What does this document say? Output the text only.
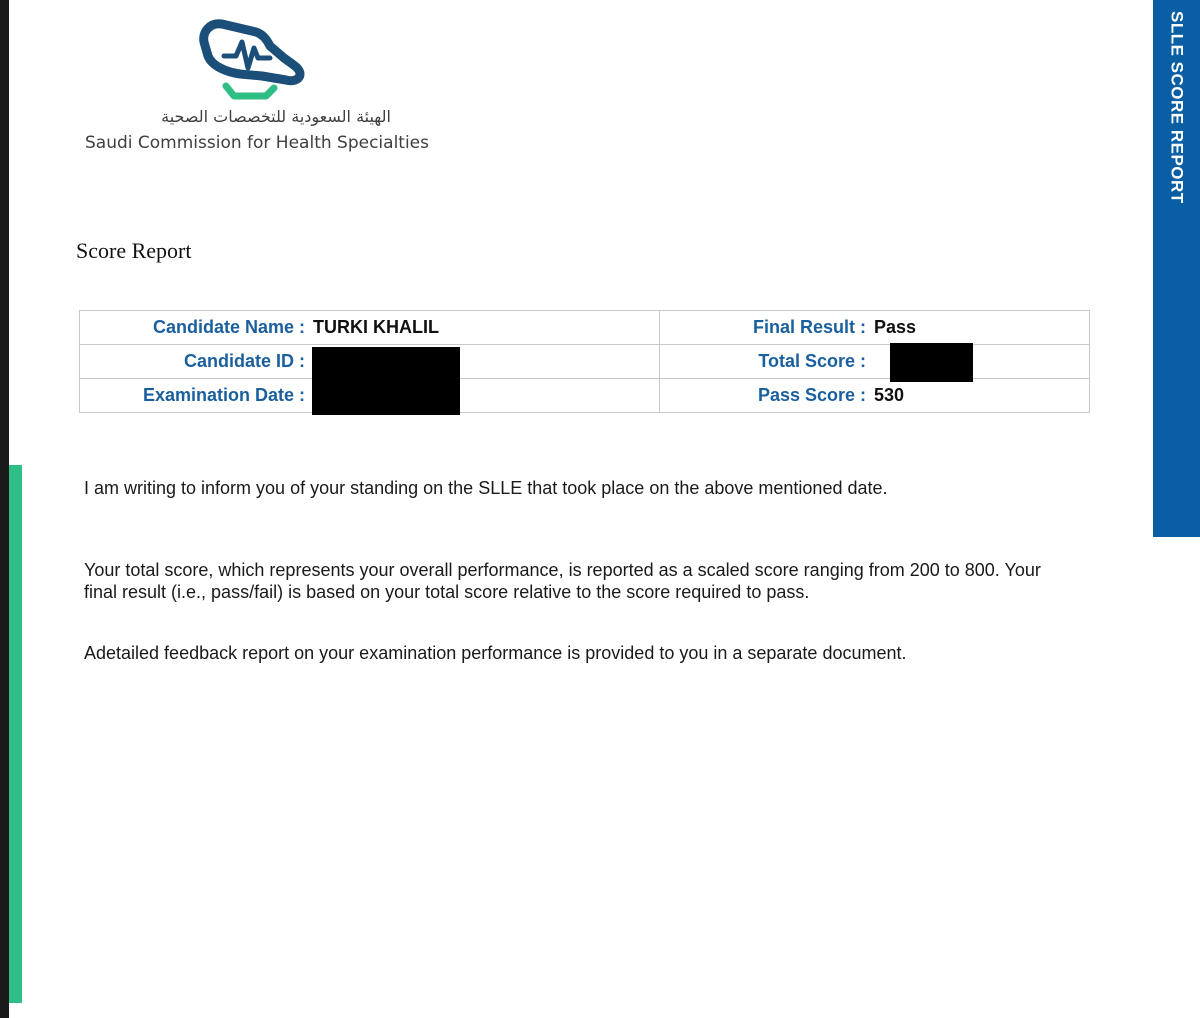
SLLE SCORE REPORT
الهيئة السعودية للتخصصات الصحية
Saudi Commission for Health Specialties
Score Report
Candidate Name : TURKI KHALIL	Final Result : Pass

Candidate ID :	Total Score :

Examination Date :	Pass Score : 530

I am writing to inform you of your standing on the SLLE that took place on the above mentioned date.

Your total score, which represents your overall performance, is reported as a scaled score ranging from 200 to 800. Your final result (i.e., pass/fail) is based on your total score relative to the score required to pass.

Adetailed feedback report on your examination performance is provided to you in a separate document.
